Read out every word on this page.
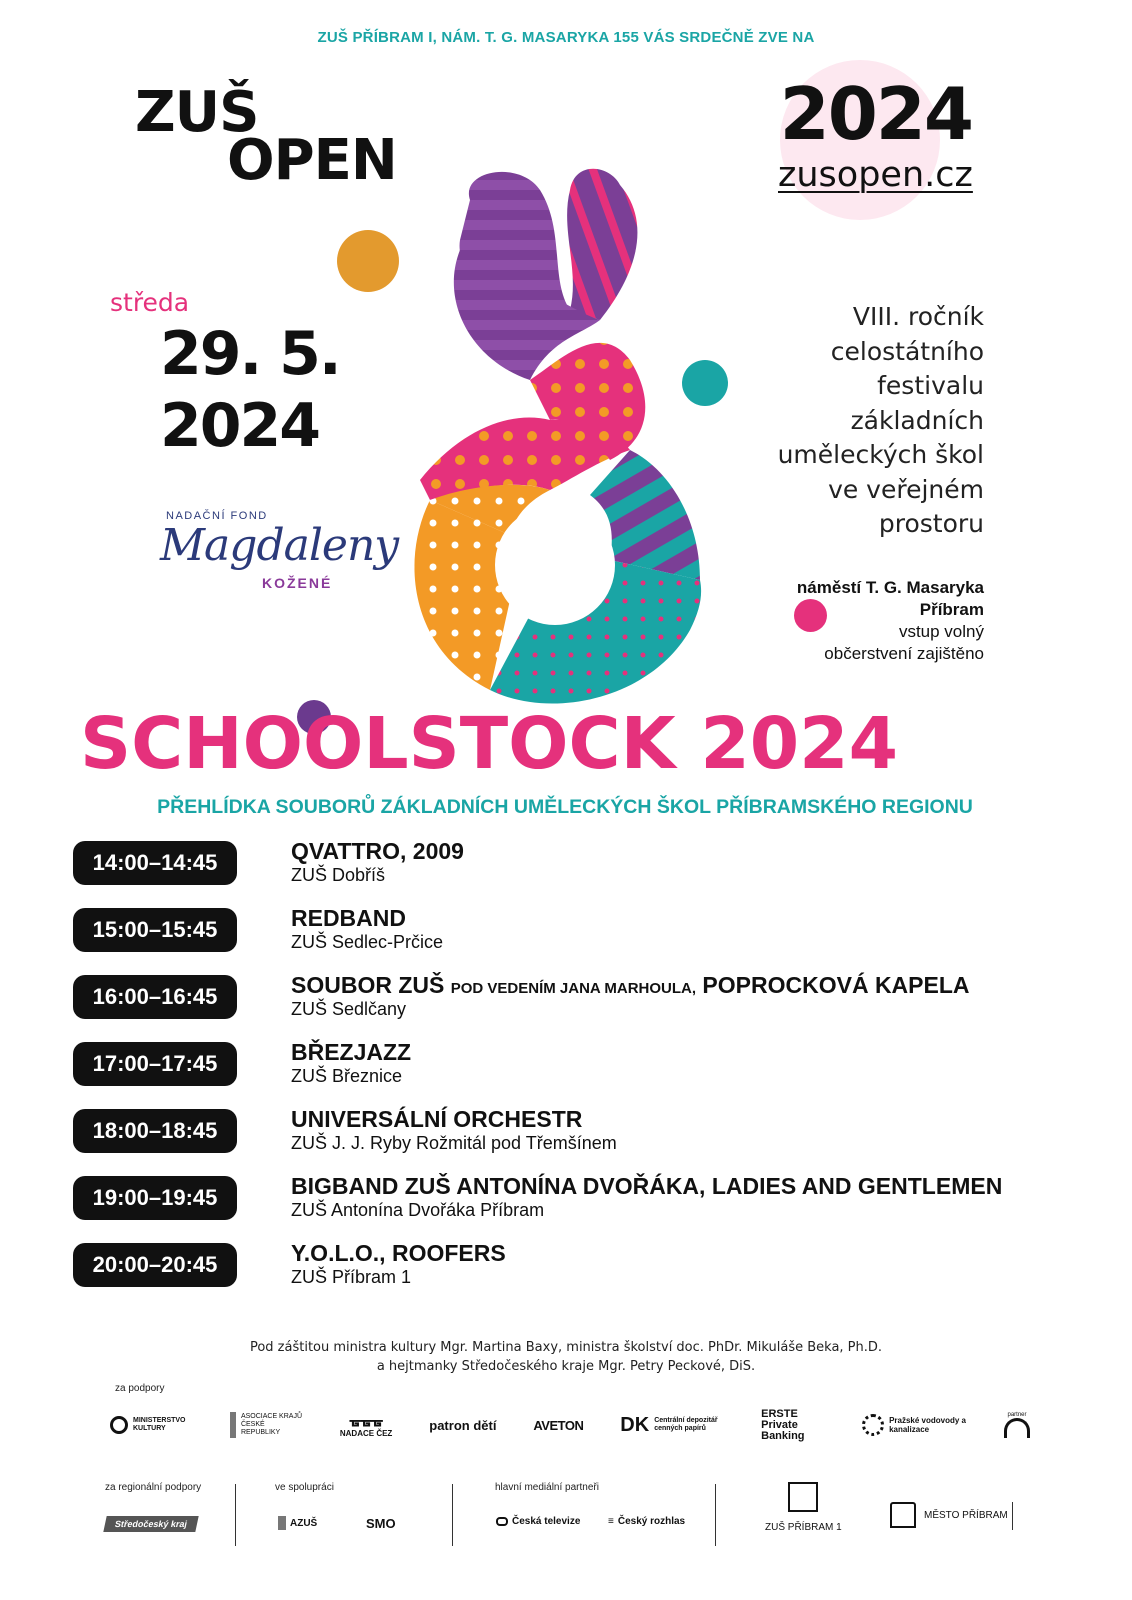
ZUŠ PŘÍBRAM I, NÁM. T. G. MASARYKA 155 VÁS SRDEČNĚ ZVE NA
ZUŠ
OPEN
2024
zusopen.cz
středa
29. 5.
2024
NADAČNÍ FOND
Magdaleny
KOŽENÉ
VIII. ročník
celostátního
festivalu
základních
uměleckých škol
ve veřejném
prostoru
náměstí T. G. Masaryka
Příbram
vstup volný
občerstvení zajištěno
SCHOOLSTOCK 2024
PŘEHLÍDKA SOUBORŮ ZÁKLADNÍCH UMĚLECKÝCH ŠKOL PŘÍBRAMSKÉHO REGIONU
14:00–14:45	QVATTRO, 2009
ZUŠ Dobříš
15:00–15:45	REDBAND
ZUŠ Sedlec-Prčice
16:00–16:45	SOUBOR ZUŠ POD VEDENÍM JANA MARHOULA, POPROCKOVÁ KAPELA
ZUŠ Sedlčany
17:00–17:45	BŘEZJAZZ
ZUŠ Březnice
18:00–18:45	UNIVERSÁLNÍ ORCHESTR
ZUŠ J. J. Ryby Rožmitál pod Třemšínem
19:00–19:45	BIGBAND ZUŠ ANTONÍNA DVOŘÁKA, LADIES AND GENTLEMEN
ZUŠ Antonína Dvořáka Příbram
20:00–20:45	Y.O.L.O., ROOFERS
ZUŠ Příbram 1
Pod záštitou ministra kultury Mgr. Martina Baxy, ministra školství doc. PhDr. Mikuláše Beka, Ph.D.
a hejtmanky Středočeského kraje Mgr. Petry Peckové, DiS.
za podpory
MINISTERSTVO KULTURY
ASOCIACE KRAJŮ ČESKÉ REPUBLIKY
ᚗᚗᚗ
NADACE ČEZ
patron dětí	AVETON DK Centrální depozitář cenných papírů
ERSTE Private Banking
Pražské vodovody a kanalizace
partner
za regionální podpory
Středočeský kraj
ve spolupráci
AZUŠ	SMO
hlavní mediální partneři
Česká televize	≡ Český rozhlas
ZUŠ PŘÍBRAM 1
MĚSTO PŘÍBRAM
